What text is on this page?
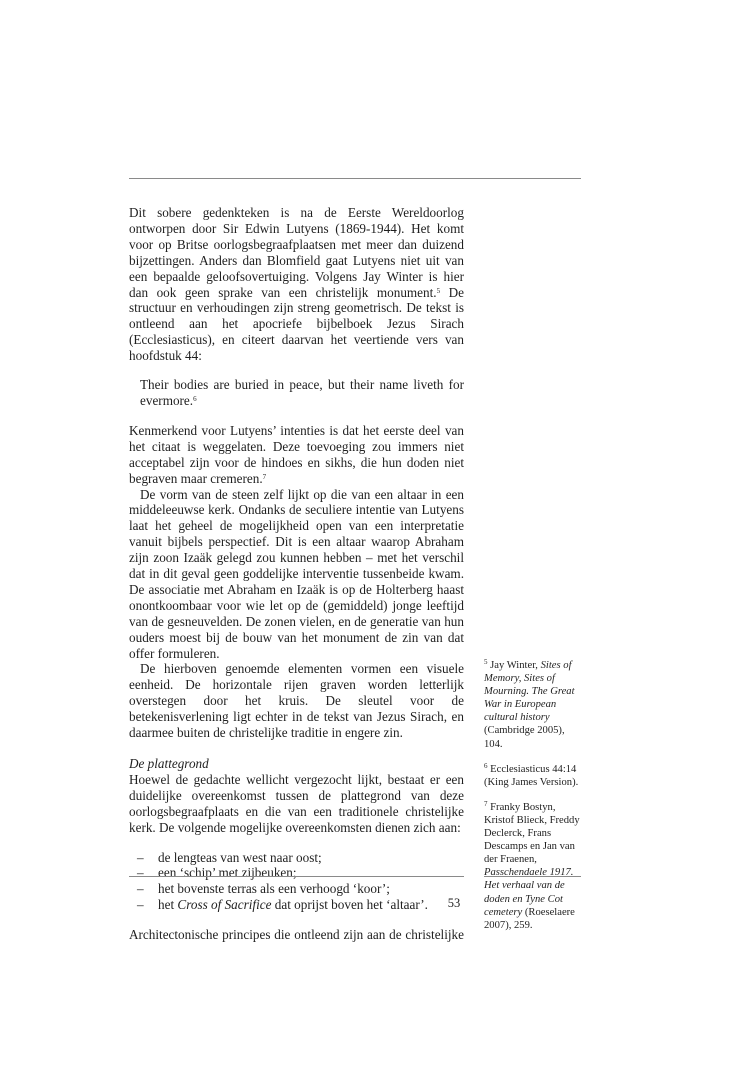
Dit sobere gedenkteken is na de Eerste Wereldoorlog ontworpen door Sir Edwin Lutyens (1869-1944). Het komt voor op Britse oorlogsbegraafplaatsen met meer dan duizend bijzettingen. Anders dan Blomfield gaat Lutyens niet uit van een bepaalde geloofsovertuiging. Volgens Jay Winter is hier dan ook geen sprake van een christelijk monument.$^5$ De structuur en verhoudingen zijn streng geometrisch. De tekst is ontleend aan het apocriefe bijbelboek Jezus Sirach (Ecclesiasticus), en citeert daarvan het veertiende vers van hoofdstuk 44:

Their bodies are buried in peace, but their name liveth for evermore.$^6$

Kenmerkend voor Lutyens’ intenties is dat het eerste deel van het citaat is weggelaten. Deze toevoeging zou immers niet acceptabel zijn voor de hindoes en sikhs, die hun doden niet begraven maar cremeren.$^7$

De vorm van de steen zelf lijkt op die van een altaar in een middeleeuwse kerk. Ondanks de seculiere intentie van Lutyens laat het geheel de mogelijkheid open van een interpretatie vanuit bijbels perspectief. Dit is een altaar waarop Abraham zijn zoon Izaäk gelegd zou kunnen hebben – met het verschil dat in dit geval geen goddelijke interventie tussenbeide kwam. De associatie met Abraham en Izaäk is op de Holterberg haast onontkoombaar voor wie let op de (gemiddeld) jonge leeftijd van de gesneuvelden. De zonen vielen, en de generatie van hun ouders moest bij de bouw van het monument de zin van dat offer formuleren.

De hierboven genoemde elementen vormen een visuele eenheid. De horizontale rijen graven worden letterlijk overstegen door het kruis. De sleutel voor de betekenisverlening ligt echter in de tekst van Jezus Sirach, en daarmee buiten de christelijke traditie in engere zin.

De plattegrond

Hoewel de gedachte wellicht vergezocht lijkt, bestaat er een duidelijke overeenkomst tussen de plattegrond van deze oorlogsbegraafplaats en die van een traditionele christelijke kerk. De volgende mogelijke overeenkomsten dienen zich aan:

– de lengteas van west naar oost;
– een ‘schip’ met zijbeuken;
– het bovenste terras als een verhoogd ‘koor’;
– het Cross of Sacrifice dat oprijst boven het ‘altaar’.

Architectonische principes die ontleend zijn aan de christelijke

$^5$ Jay Winter, Sites of Memory, Sites of Mourning. The Great War in European cultural history (Cambridge 2005), 104.

$^6$ Ecclesiasticus 44:14 (King James Version).

$^7$ Franky Bostyn, Kristof Blieck, Freddy Declerck, Frans Descamps en Jan van der Fraenen, Passchendaele 1917. Het verhaal van de doden en Tyne Cot cemetery (Roeselaere 2007), 259.

53
